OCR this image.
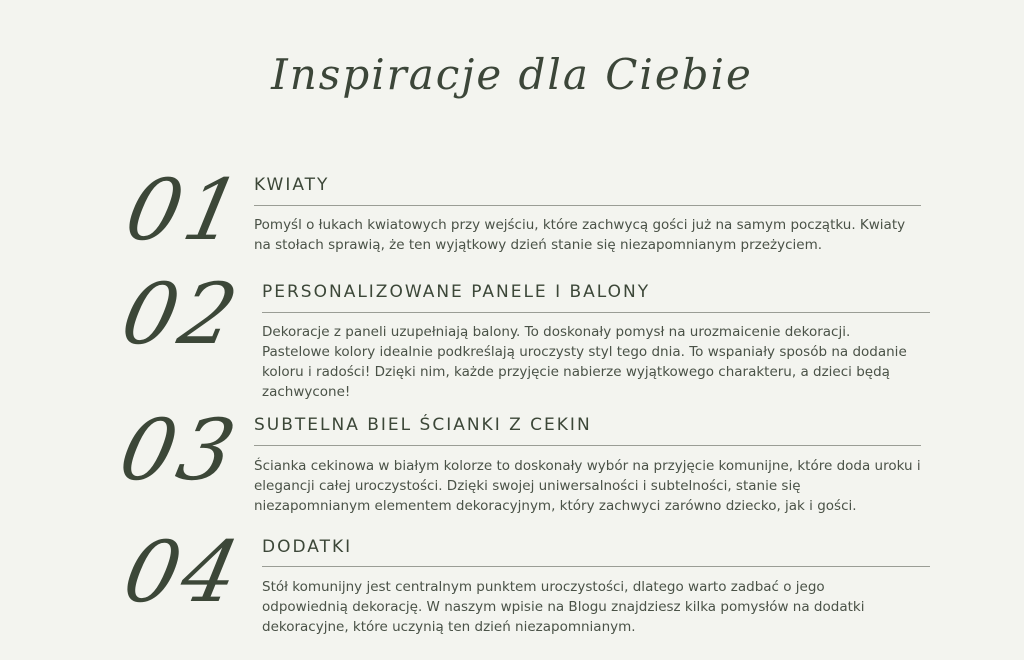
Inspiracje dla Ciebie
01 KWIATY
Pomyśl o łukach kwiatowych przy wejściu, które zachwycą gości już na samym początku. Kwiaty na stołach sprawią, że ten wyjątkowy dzień stanie się niezapomnianym przeżyciem.
02 PERSONALIZOWANE PANELE I BALONY
Dekoracje z paneli uzupełniają balony. To doskonały pomysł na urozmaicenie dekoracji. Pastelowe kolory idealnie podkreślają uroczysty styl tego dnia. To wspaniały sposób na dodanie koloru i radości! Dzięki nim, każde przyjęcie nabierze wyjątkowego charakteru, a dzieci będą zachwycone!
03 SUBTELNA BIEL ŚCIANKI Z CEKIN
Ścianka cekinowa w białym kolorze to doskonały wybór na przyjęcie komunijne, które doda uroku i elegancji całej uroczystości. Dzięki swojej uniwersalności i subtelności, stanie się niezapomnianym elementem dekoracyjnym, który zachwyci zarówno dziecko, jak i gości.
04 DODATKI
Stół komunijny jest centralnym punktem uroczystości, dlatego warto zadbać o jego odpowiednią dekorację. W naszym wpisie na Blogu znajdziesz kilka pomysłów na dodatki dekoracyjne, które uczynią ten dzień niezapomnianym.
